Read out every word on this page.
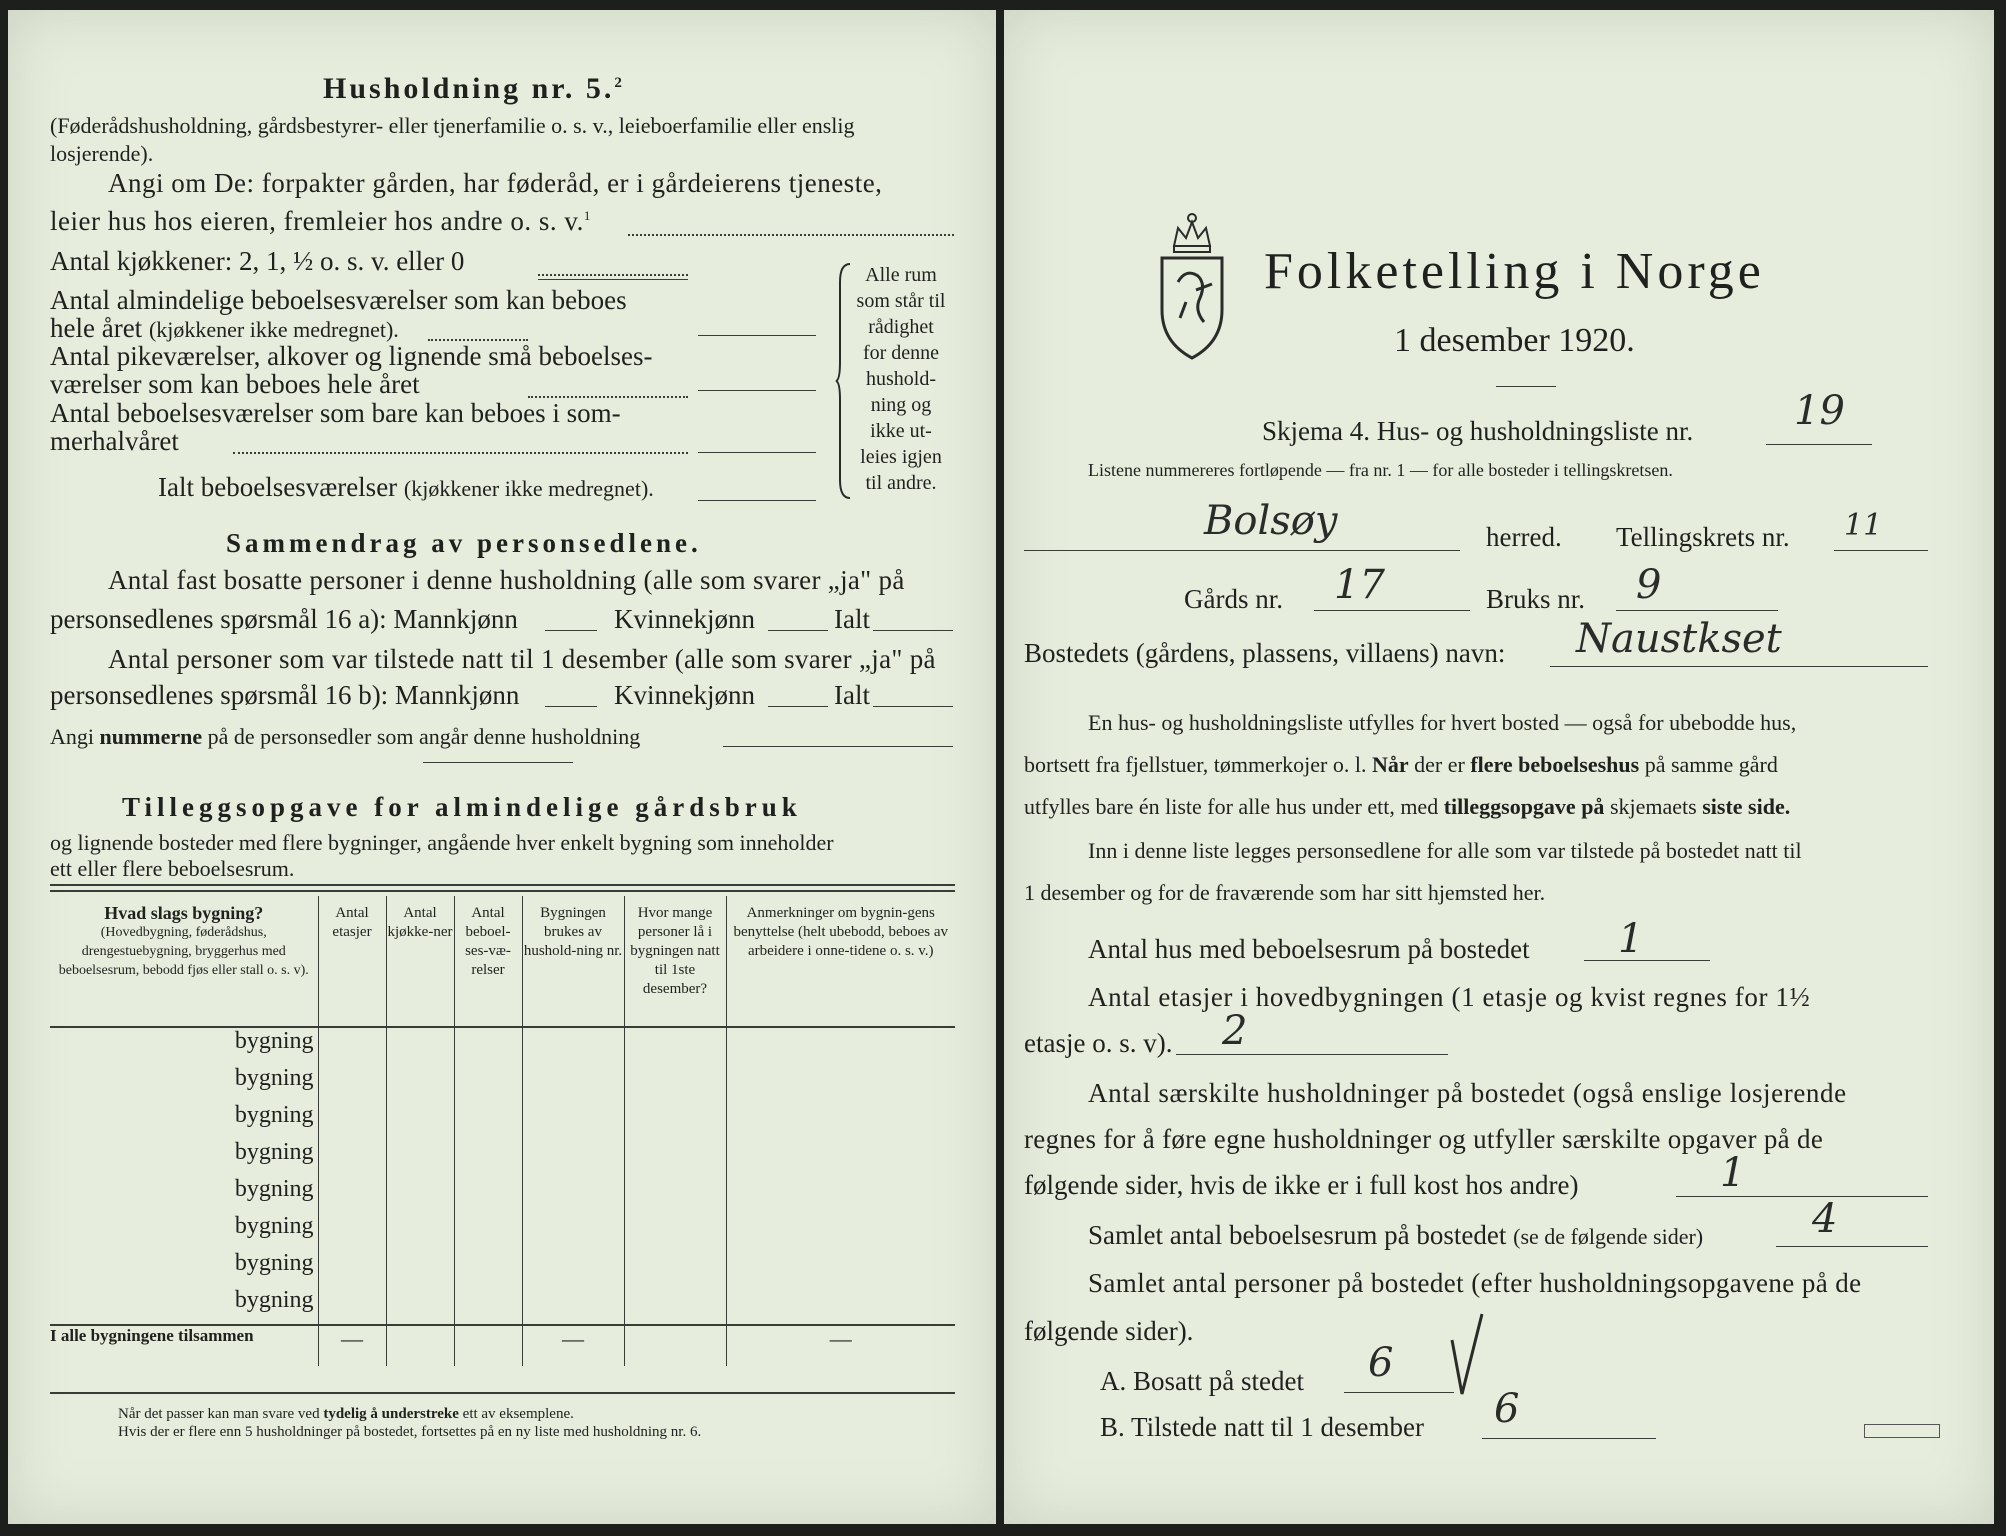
Husholdning nr. 5.$^2$
(Føderådshusholdning, gårdsbestyrer- eller tjenerfamilie o. s. v., leieboerfamilie eller enslig losjerende).
Angi om De: forpakter gården, har føderåd, er i gårdeierens tjeneste,
leier hus hos eieren, fremleier hos andre o. s. v.$^1$
Antal kjøkkener: 2, 1, ½ o. s. v. eller 0
Antal almindelige beboelsesværelser som kan beboes
hele året (kjøkkener ikke medregnet).
Antal pikeværelser, alkover og lignende små beboelses-
værelser som kan beboes hele året
Antal beboelsesværelser som bare kan beboes i som-
merhalvåret
Ialt beboelsesværelser (kjøkkener ikke medregnet).
Alle rum
som står til
rådighet
for denne
hushold-
ning og
ikke ut-
leies igjen
til andre.
Sammendrag av personsedlene.
Antal fast bosatte personer i denne husholdning (alle som svarer „ja" på
personsedlenes spørsmål 16 a): Mannkjønn	Kvinnekjønn	Ialt
Antal personer som var tilstede natt til 1 desember (alle som svarer „ja" på
personsedlenes spørsmål 16 b): Mannkjønn	Kvinnekjønn	Ialt
Angi nummerne på de personsedler som angår denne husholdning
Tilleggsopgave for almindelige gårdsbruk
og lignende bosteder med flere bygninger, angående hver enkelt bygning som inneholder
ett eller flere beboelsesrum.
Hvad slags bygning?
(Hovedbygning, føderådshus, drengestuebygning, bryggerhus med beboelsesrum, bebodd fjøs eller stall o. s. v).	Antal etasjer	Antal kjøkke-ner	Antal beboel-ses-væ-relser	Bygningen brukes av hushold-ning nr.	Hvor mange personer lå i bygningen natt til 1ste desember?	Anmerkninger om bygnin-gens benyttelse (helt ubebodd, beboes av arbeidere i onne-tidene o. s. v.)
bygning						
bygning						
bygning						
bygning						
bygning						
bygning						
bygning						
bygning						
I alle bygningene tilsammen	—			—		—
Når det passer kan man svare ved tydelig å understreke ett av eksemplene.
Hvis der er flere enn 5 husholdninger på bostedet, fortsettes på en ny liste med husholdning nr. 6.
Folketelling i Norge
1 desember 1920.
Skjema 4. Hus- og husholdningsliste nr.	19
Listene nummereres fortløpende — fra nr. 1 — for alle bosteder i tellingskretsen.
Bolsøy	herred. Tellingskrets nr. 11
Gårds nr. 17	Bruks nr. 9
Bostedets (gårdens, plassens, villaens) navn: Naustkset
En hus- og husholdningsliste utfylles for hvert bosted — også for ubebodde hus,
bortsett fra fjellstuer, tømmerkojer o. l. Når der er flere beboelseshus på samme gård
utfylles bare én liste for alle hus under ett, med tilleggsopgave på skjemaets siste side.
Inn i denne liste legges personsedlene for alle som var tilstede på bostedet natt til
1 desember og for de fraværende som har sitt hjemsted her.
Antal hus med beboelsesrum på bostedet 1
Antal etasjer i hovedbygningen (1 etasje og kvist regnes for 1½
etasje o. s. v). 2
Antal særskilte husholdninger på bostedet (også enslige losjerende
regnes for å føre egne husholdninger og utfyller særskilte opgaver på de
følgende sider, hvis de ikke er i full kost hos andre)	1
Samlet antal beboelsesrum på bostedet (se de følgende sider)	4
Samlet antal personer på bostedet (efter husholdningsopgavene på de
følgende sider).
A. Bosatt på stedet 6
B. Tilstede natt til 1 desember 6
